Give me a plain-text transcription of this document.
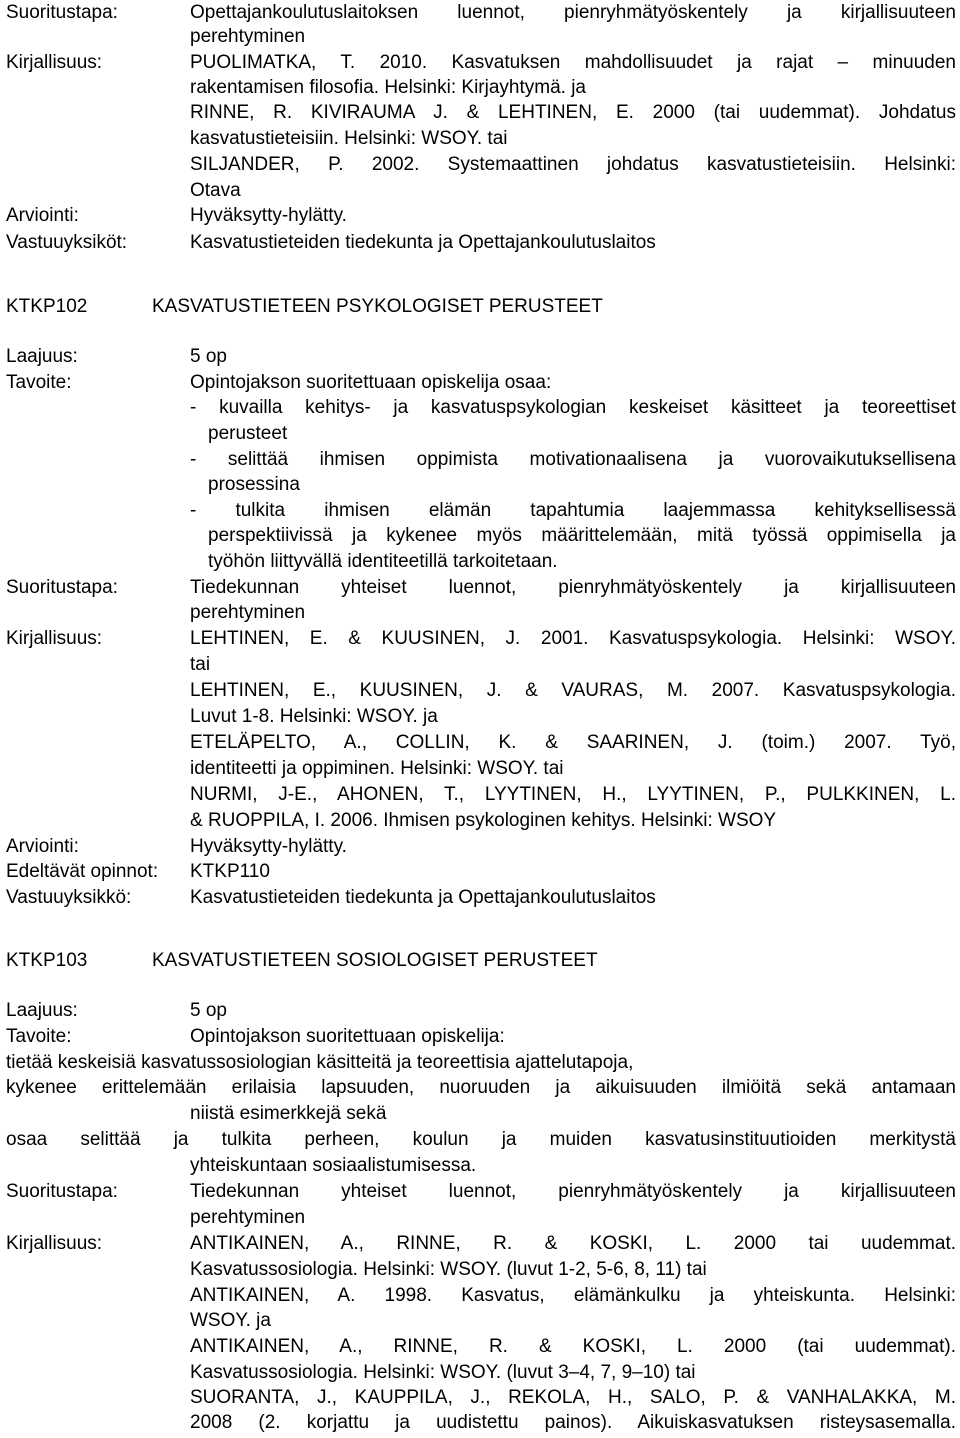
Suoritustapa:	Opettajankoulutuslaitoksen luennot, pienryhmätyöskentely ja kirjallisuuteen
perehtyminen
Kirjallisuus:	PUOLIMATKA, T. 2010. Kasvatuksen mahdollisuudet ja rajat – minuuden
rakentamisen filosofia. Helsinki: Kirjayhtymä. ja
RINNE, R. KIVIRAUMA J. & LEHTINEN, E. 2000 (tai uudemmat). Johdatus
kasvatustieteisiin. Helsinki: WSOY. tai
SILJANDER, P. 2002. Systemaattinen johdatus kasvatustieteisiin. Helsinki:
Otava
Arviointi:	Hyväksytty-hylätty.
Vastuuyksiköt:	Kasvatustieteiden tiedekunta ja Opettajankoulutuslaitos
KTKP102	KASVATUSTIETEEN PSYKOLOGISET PERUSTEET
Laajuus:	5 op
Tavoite:	Opintojakson suoritettuaan opiskelija osaa:
- kuvailla kehitys- ja kasvatuspsykologian keskeiset käsitteet ja teoreettiset
perusteet
- selittää ihmisen oppimista motivationaalisena ja vuorovaikutuksellisena
prosessina
- tulkita ihmisen elämän tapahtumia laajemmassa kehityksellisessä
perspektiivissä ja kykenee myös määrittelemään, mitä työssä oppimisella ja
työhön liittyvällä identiteetillä tarkoitetaan.
Suoritustapa:	Tiedekunnan yhteiset luennot, pienryhmätyöskentely ja kirjallisuuteen
perehtyminen
Kirjallisuus:	LEHTINEN, E. & KUUSINEN, J. 2001. Kasvatuspsykologia. Helsinki: WSOY.
tai
LEHTINEN, E., KUUSINEN, J. & VAURAS, M. 2007. Kasvatuspsykologia.
Luvut 1-8. Helsinki: WSOY. ja
ETELÄPELTO, A., COLLIN, K. & SAARINEN, J. (toim.) 2007. Työ,
identiteetti ja oppiminen. Helsinki: WSOY. tai
NURMI, J-E., AHONEN, T., LYYTINEN, H., LYYTINEN, P., PULKKINEN, L.
& RUOPPILA, I. 2006. Ihmisen psykologinen kehitys. Helsinki: WSOY
Arviointi:	Hyväksytty-hylätty.
Edeltävät opinnot: KTKP110
Vastuuyksikkö:	Kasvatustieteiden tiedekunta ja Opettajankoulutuslaitos
KTKP103	KASVATUSTIETEEN SOSIOLOGISET PERUSTEET
Laajuus:	5 op
Tavoite:	Opintojakson suoritettuaan opiskelija:
tietää keskeisiä kasvatussosiologian käsitteitä ja teoreettisia ajattelutapoja,
kykenee erittelemään erilaisia lapsuuden, nuoruuden ja aikuisuuden ilmiöitä sekä antamaan
niistä esimerkkejä sekä
osaa selittää ja tulkita perheen, koulun ja muiden kasvatusinstituutioiden merkitystä
yhteiskuntaan sosiaalistumisessa.
Suoritustapa:	Tiedekunnan yhteiset luennot, pienryhmätyöskentely ja kirjallisuuteen
perehtyminen
Kirjallisuus:	ANTIKAINEN, A., RINNE, R. & KOSKI, L. 2000 tai uudemmat.
Kasvatussosiologia. Helsinki: WSOY. (luvut 1-2, 5-6, 8, 11) tai
ANTIKAINEN, A. 1998. Kasvatus, elämänkulku ja yhteiskunta. Helsinki:
WSOY. ja
ANTIKAINEN, A., RINNE, R. & KOSKI, L. 2000 (tai uudemmat).
Kasvatussosiologia. Helsinki: WSOY. (luvut 3–4, 7, 9–10) tai
SUORANTA, J., KAUPPILA, J., REKOLA, H., SALO, P. & VANHALAKKA, M.
2008 (2. korjattu ja uudistettu painos). Aikuiskasvatuksen risteysasemalla.
